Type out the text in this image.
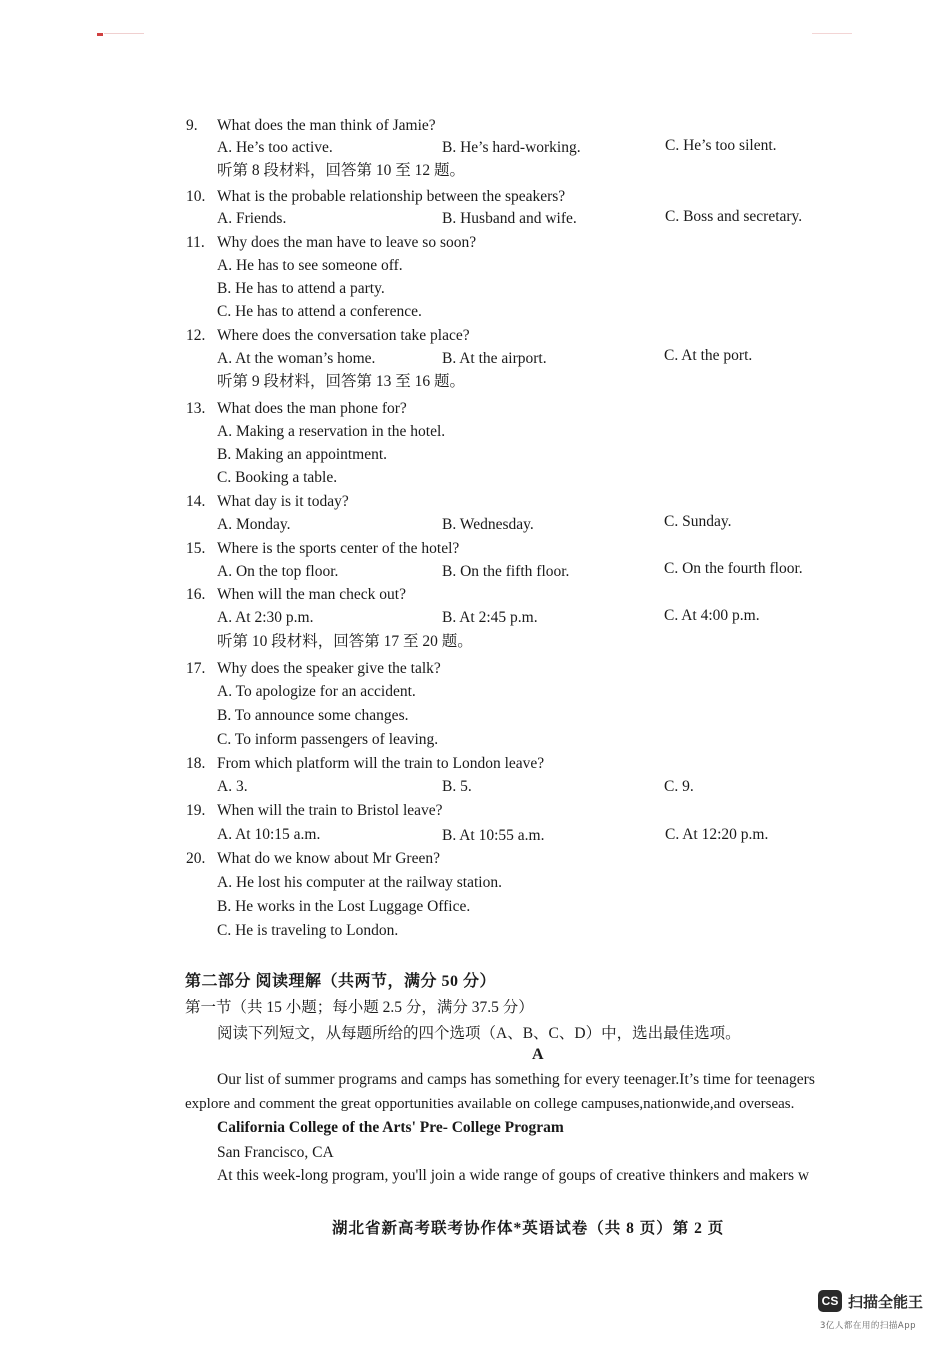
9. What does the man think of Jamie?
A. He’s too active.	B. He’s hard-working.	C. He’s too silent.
听第 8 段材料，回答第 10 至 12 题。
10. What is the probable relationship between the speakers?
A. Friends.	B. Husband and wife.	C. Boss and secretary.
11. Why does the man have to leave so soon?
A. He has to see someone off.
B. He has to attend a party.
C. He has to attend a conference.
12. Where does the conversation take place?
A. At the woman’s home.	B. At the airport.	C. At the port.
听第 9 段材料，回答第 13 至 16 题。
13. What does the man phone for?
A. Making a reservation in the hotel.
B. Making an appointment.
C. Booking a table.
14. What day is it today?
A. Monday.	B. Wednesday.	C. Sunday.
15. Where is the sports center of the hotel?
A. On the top floor.	B. On the fifth floor.	C. On the fourth floor.
16. When will the man check out?
A. At 2:30 p.m.	B. At 2:45 p.m.	C. At 4:00 p.m.
听第 10 段材料，回答第 17 至 20 题。
17. Why does the speaker give the talk?
A. To apologize for an accident.
B. To announce some changes.
C. To inform passengers of leaving.
18. From which platform will the train to London leave?
A. 3.	B. 5.	C. 9.
19. When will the train to Bristol leave?
A. At 10:15 a.m.	B. At 10:55 a.m.	C. At 12:20 p.m.
20. What do we know about Mr Green?
A. He lost his computer at the railway station.
B. He works in the Lost Luggage Office.
C. He is traveling to London.
第二部分 阅读理解（共两节，满分 50 分）
第一节（共 15 小题；每小题 2.5 分，满分 37.5 分）
阅读下列短文，从每题所给的四个选项（A、B、C、D）中，选出最佳选项。
A
Our list of summer programs and camps has something for every teenager.It’s time for teenagers
explore and comment the great opportunities available on college campuses,nationwide,and overseas.
California College of the Arts' Pre- College Program
San Francisco, CA
At this week-long program, you'll join a wide range of goups of creative thinkers and makers w
湖北省新高考联考协作体*英语试卷（共 8 页）第 2 页
CS 扫描全能王
3亿人都在用的扫描App
